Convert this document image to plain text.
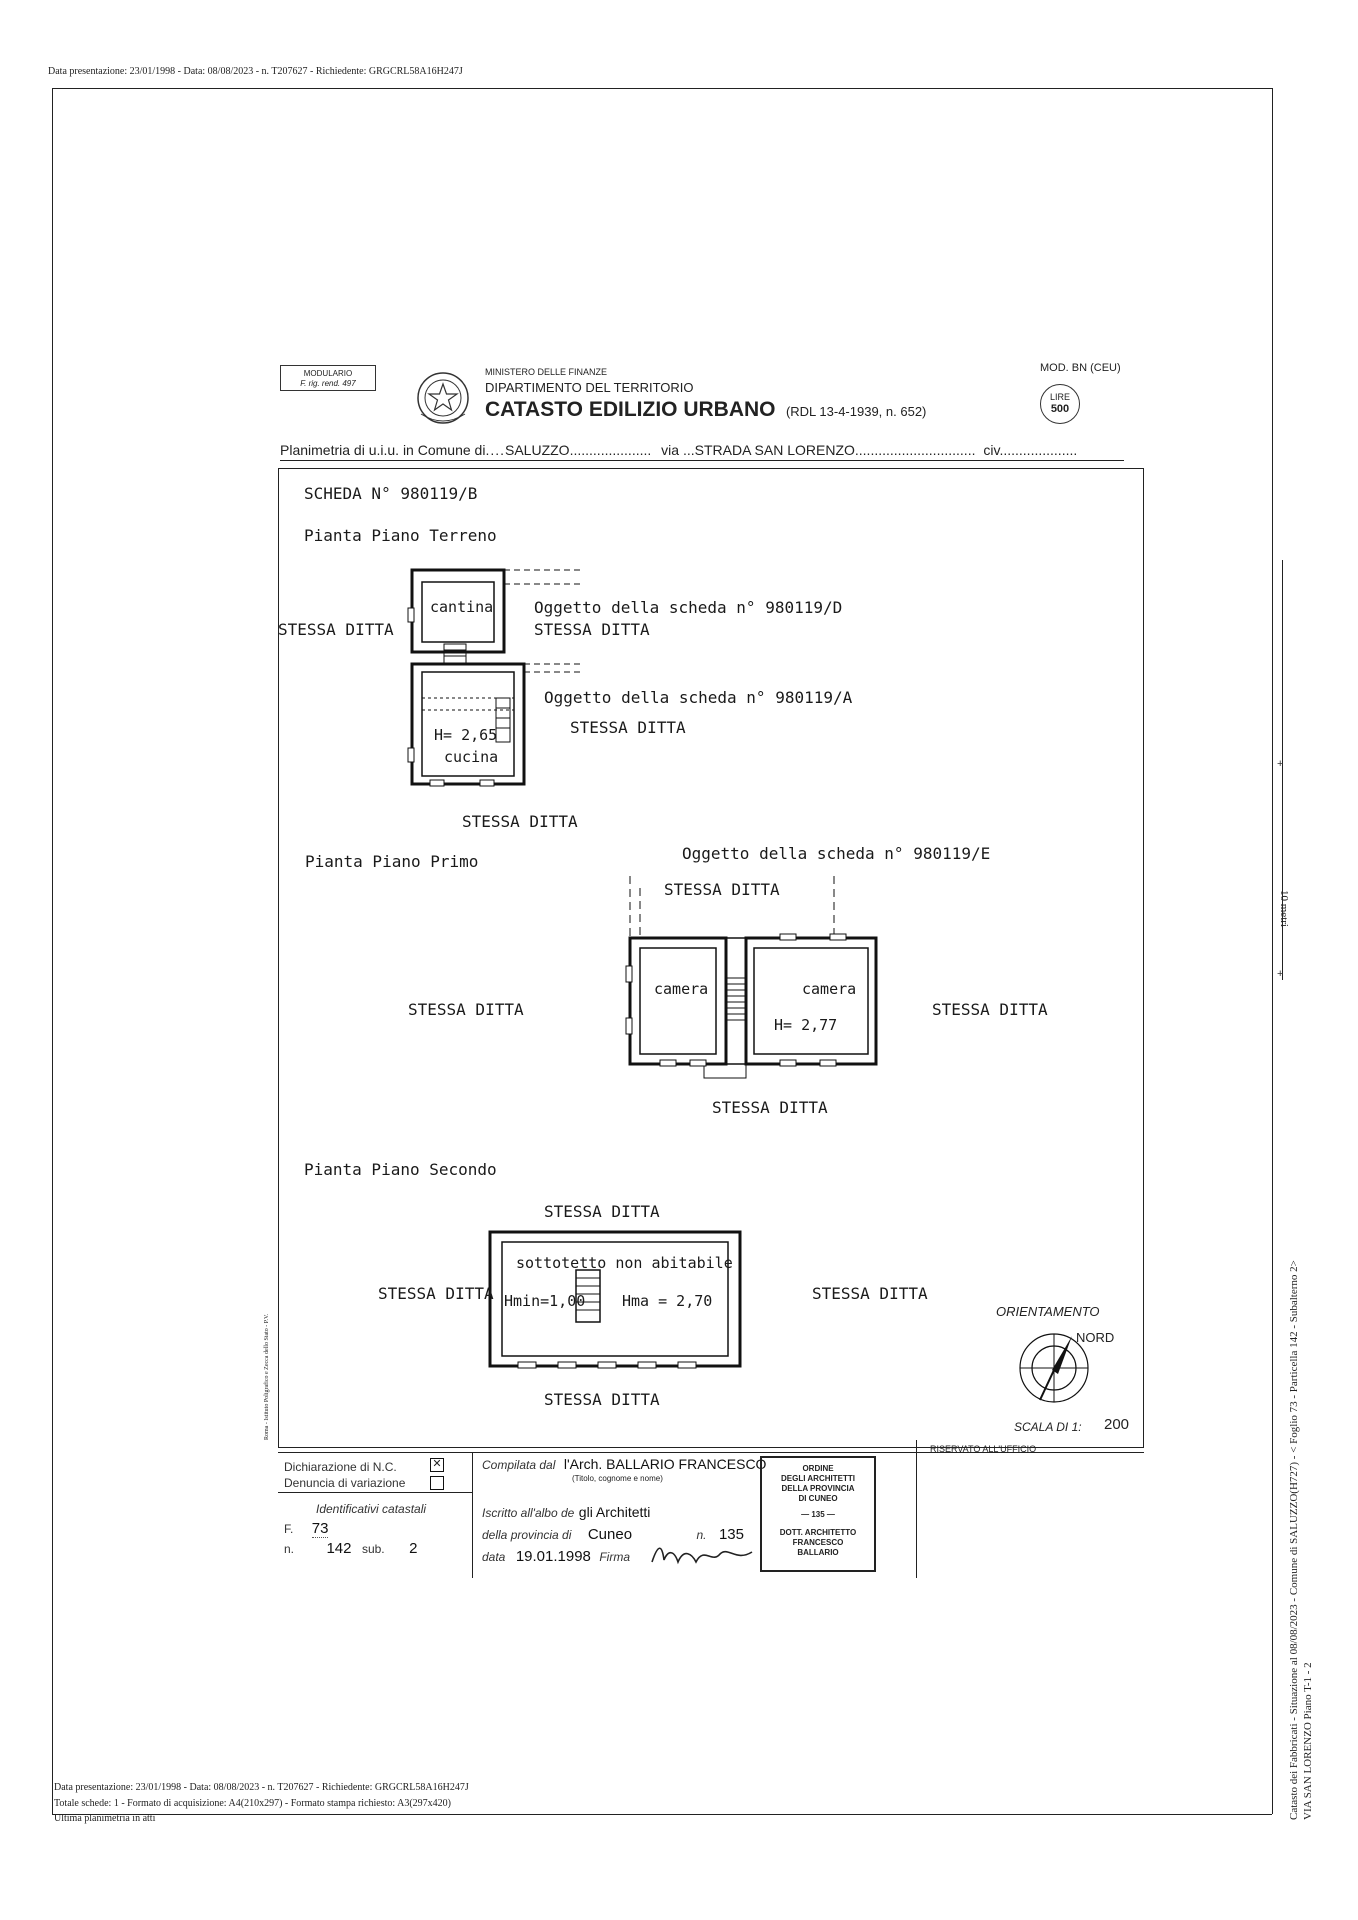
Data presentazione: 23/01/1998 - Data: 08/08/2023 - n. T207627 - Richiedente: GRGCRL58A16H247J
MODULARIO
F. rig. rend. 497
MINISTERO DELLE FINANZE
DIPARTIMENTO DEL TERRITORIO
CATASTO EDILIZIO URBANO (RDL 13-4-1939, n. 652)
MOD. BN (CEU)
LIRE
500
Planimetria di u.i.u. in Comune di....SALUZZO..................... via ...STRADA SAN LORENZO............................... civ....................
SCHEDA N° 980119/B
Pianta Piano Terreno
cantina
H= 2,65
cucina
STESSA DITTA
Oggetto della scheda n° 980119/D
STESSA DITTA
Oggetto della scheda n° 980119/A
STESSA DITTA
STESSA DITTA
Pianta Piano Primo	Oggetto della scheda n° 980119/E
STESSA DITTA
camera	camera
H= 2,77
STESSA DITTA	STESSA DITTA
STESSA DITTA
Pianta Piano Secondo
STESSA DITTA
sottotetto non abitabile
Hmin=1,00 Hma = 2,70
STESSA DITTA	STESSA DITTA
STESSA DITTA
ORIENTAMENTO
NORD
SCALA DI 1: 200
+
+
10 metri
Dichiarazione di N.C.	✕
Denuncia di variazione
Identificativi catastali
F. 73
n. 142 sub. 2
Compilata dal l'Arch. BALLARIO FRANCESCO
(Titolo, cognome e nome)
Iscritto all'albo de gli Architetti
della provincia di Cuneo	n. 135
data 19.01.1998 Firma
ORDINE
DEGLI ARCHITETTI
DELLA PROVINCIA
DI CUNEO
— 135 —
DOTT. ARCHITETTO
FRANCESCO
BALLARIO
RISERVATO ALL'UFFICIO
Roma - Istituto Poligrafico e Zecca dello Stato - P.V.
Data presentazione: 23/01/1998 - Data: 08/08/2023 - n. T207627 - Richiedente: GRGCRL58A16H247J
Totale schede: 1 - Formato di acquisizione: A4(210x297) - Formato stampa richiesto: A3(297x420)
Ultima planimetria in atti	Catasto dei Fabbricati - Situazione al 08/08/2023 - Comune di SALUZZO(H727) - < Foglio 73 - Particella 142 - Subalterno 2> VIA SAN LORENZO Piano T-1 - 2
